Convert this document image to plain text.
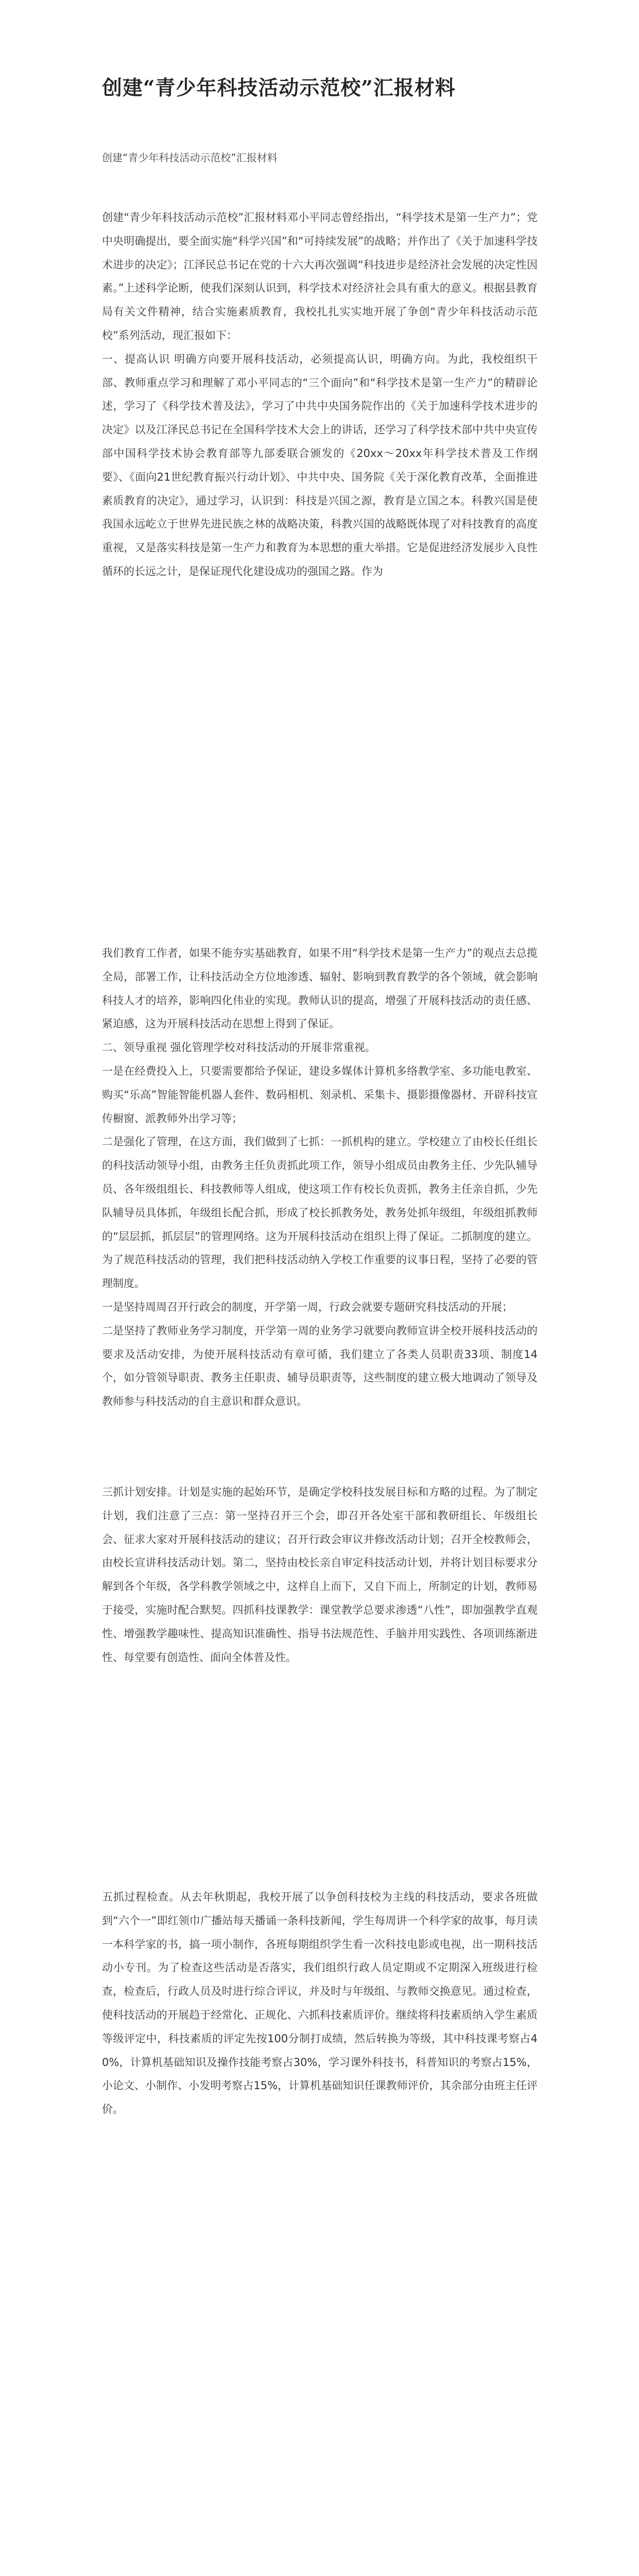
创建“青少年科技活动示范校”汇报材料

创建“青少年科技活动示范校”汇报材料

创建“青少年科技活动示范校”汇报材料邓小平同志曾经指出，“科学技术是第一生产力”；党中央明确提出，要全面实施“科学兴国”和“可持续发展”的战略；并作出了《关于加速科学技术进步的决定》；江泽民总书记在党的十六大再次强调“科技进步是经济社会发展的决定性因素。”上述科学论断，使我们深刻认识到，科学技术对经济社会具有重大的意义。根据县教育局有关文件精神，结合实施素质教育，我校扎扎实实地开展了争创“青少年科技活动示范校”系列活动，现汇报如下：

一、提高认识 明确方向要开展科技活动，必须提高认识，明确方向。为此，我校组织干部、教师重点学习和理解了邓小平同志的“三个面向”和“科学技术是第一生产力”的精辟论述，学习了《科学技术普及法》，学习了中共中央国务院作出的《关于加速科学技术进步的决定》以及江泽民总书记在全国科学技术大会上的讲话，还学习了科学技术部中共中央宣传部中国科学技术协会教育部等九部委联合颁发的《20xx～20xx年科学技术普及工作纲要》、《面向21世纪教育振兴行动计划》、中共中央、国务院《关于深化教育改革，全面推进素质教育的决定》，通过学习，认识到：科技是兴国之源，教育是立国之本。科教兴国是使我国永远屹立于世界先进民族之林的战略决策，科教兴国的战略既体现了对科技教育的高度重视，又是落实科技是第一生产力和教育为本思想的重大举措。它是促进经济发展步入良性循环的长远之计，是保证现代化建设成功的强国之路。作为

我们教育工作者，如果不能夯实基础教育，如果不用“科学技术是第一生产力”的观点去总揽全局，部署工作，让科技活动全方位地渗透、辐射、影响到教育教学的各个领域，就会影响科技人才的培养，影响四化伟业的实现。教师认识的提高，增强了开展科技活动的责任感、紧迫感，这为开展科技活动在思想上得到了保证。

二、领导重视 强化管理学校对科技活动的开展非常重视。

一是在经费投入上，只要需要都给予保证，建设多媒体计算机多络教学室、多功能电教室、购买“乐高”智能智能机器人套件、数码相机、刻录机、采集卡、摄影摄像器材、开辟科技宣传橱窗、派教师外出学习等；

二是强化了管理，在这方面，我们做到了七抓：一抓机构的建立。学校建立了由校长任组长的科技活动领导小组，由教务主任负责抓此项工作，领导小组成员由教务主任、少先队辅导员、各年级组组长、科技教师等人组成，使这项工作有校长负责抓，教务主任亲自抓，少先队辅导员具体抓，年级组长配合抓，形成了校长抓教务处，教务处抓年级组，年级组抓教师的“层层抓，抓层层”的管理网络。这为开展科技活动在组织上得了保证。二抓制度的建立。为了规范科技活动的管理，我们把科技活动纳入学校工作重要的议事日程，坚持了必要的管理制度。

一是坚持周周召开行政会的制度，开学第一周，行政会就要专题研究科技活动的开展；

二是坚持了教师业务学习制度，开学第一周的业务学习就要向教师宣讲全校开展科技活动的要求及活动安排，为使开展科技活动有章可循，我们建立了各类人员职责33项、制度14个，如分管领导职责、教务主任职责、辅导员职责等，这些制度的建立极大地调动了领导及教师参与科技活动的自主意识和群众意识。

三抓计划安排。计划是实施的起始环节，是确定学校科技发展目标和方略的过程。为了制定计划，我们注意了三点：第一坚持召开三个会，即召开各处室干部和教研组长、年级组长会、征求大家对开展科技活动的建议；召开行政会审议并修改活动计划；召开全校教师会，由校长宣讲科技活动计划。第二，坚持由校长亲自审定科技活动计划，并将计划目标要求分解到各个年级，各学科教学领域之中，这样自上而下，又自下而上，所制定的计划，教师易于接受，实施时配合默契。四抓科技课教学：课堂教学总要求渗透“八性”，即加强教学直观性、增强教学趣味性、提高知识准确性、指导书法规范性、手脑并用实践性、各项训练渐进性、每堂要有创造性、面向全体普及性。

五抓过程检查。从去年秋期起，我校开展了以争创科技校为主线的科技活动，要求各班做到“六个一”即红领巾广播站每天播诵一条科技新闻，学生每周讲一个科学家的故事，每月读一本科学家的书，搞一项小制作，各班每期组织学生看一次科技电影或电视，出一期科技活动小专刊。为了检查这些活动是否落实，我们组织行政人员定期或不定期深入班级进行检查，检查后，行政人员及时进行综合评议，并及时与年级组、与教师交换意见。通过检查，使科技活动的开展趋于经常化、正规化、六抓科技素质评价。继续将科技素质纳入学生素质等级评定中，科技素质的评定先按100分制打成绩，然后转换为等级，其中科技课考察占40%，计算机基础知识及操作技能考察占30%，学习课外科技书，科普知识的考察占15%，小论文、小制作、小发明考察占15%，计算机基础知识任课教师评价，其余部分由班主任评价。
